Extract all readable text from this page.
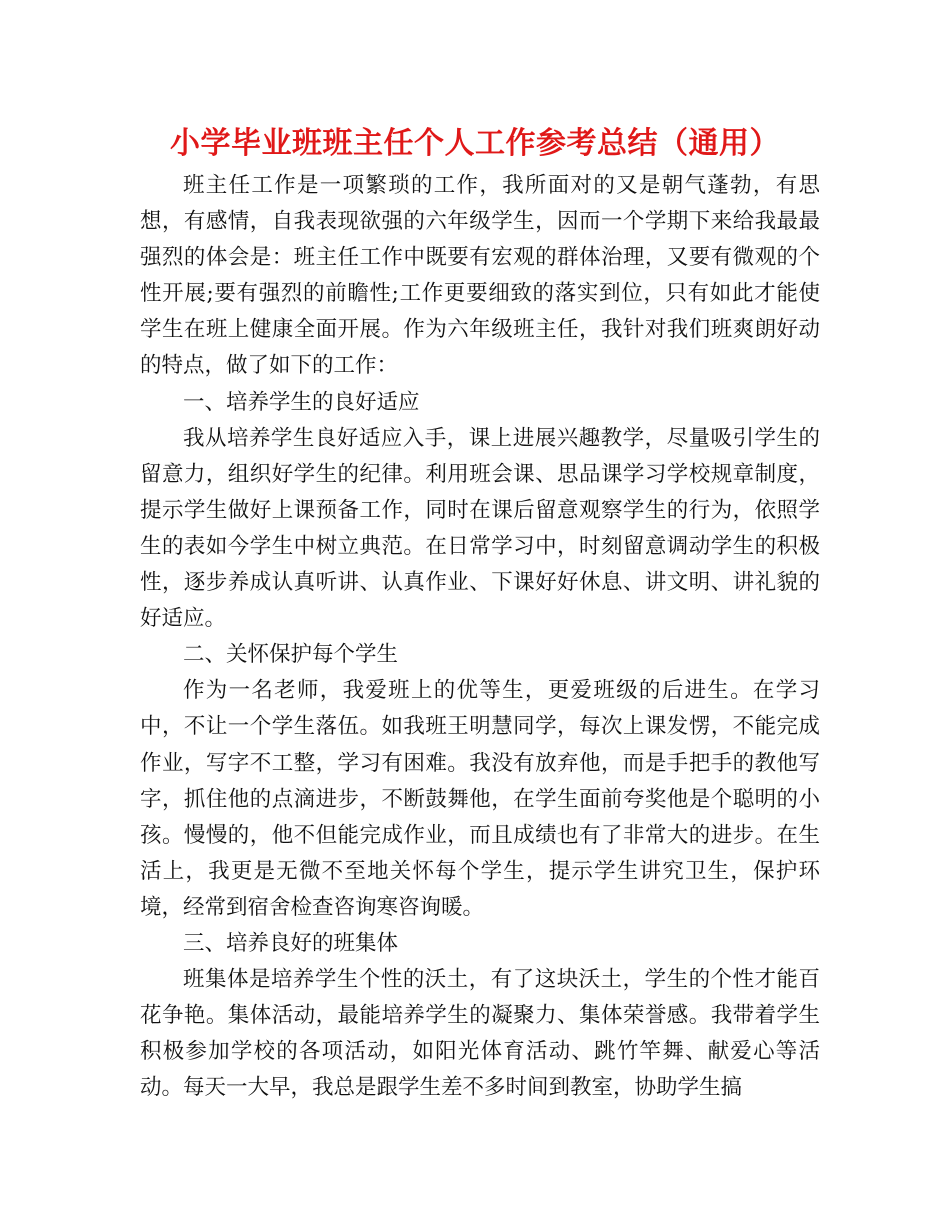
小学毕业班班主任个人工作参考总结（通用）

班主任工作是一项繁琐的工作，我所面对的又是朝气蓬勃，有思想，有感情，自我表现欲强的六年级学生，因而一个学期下来给我最最强烈的体会是：班主任工作中既要有宏观的群体治理，又要有微观的个性开展;要有强烈的前瞻性;工作更要细致的落实到位，只有如此才能使学生在班上健康全面开展。作为六年级班主任，我针对我们班爽朗好动的特点，做了如下的工作：

一、培养学生的良好适应

我从培养学生良好适应入手，课上进展兴趣教学，尽量吸引学生的留意力，组织好学生的纪律。利用班会课、思品课学习学校规章制度，提示学生做好上课预备工作，同时在课后留意观察学生的行为，依照学生的表如今学生中树立典范。在日常学习中，时刻留意调动学生的积极性，逐步养成认真听讲、认真作业、下课好好休息、讲文明、讲礼貌的好适应。

二、关怀保护每个学生

作为一名老师，我爱班上的优等生，更爱班级的后进生。在学习中，不让一个学生落伍。如我班王明慧同学，每次上课发愣，不能完成作业，写字不工整，学习有困难。我没有放弃他，而是手把手的教他写字，抓住他的点滴进步，不断鼓舞他，在学生面前夸奖他是个聪明的小孩。慢慢的，他不但能完成作业，而且成绩也有了非常大的进步。在生活上，我更是无微不至地关怀每个学生，提示学生讲究卫生，保护环境，经常到宿舍检查咨询寒咨询暖。

三、培养良好的班集体

班集体是培养学生个性的沃土，有了这块沃土，学生的个性才能百花争艳。集体活动，最能培养学生的凝聚力、集体荣誉感。我带着学生积极参加学校的各项活动，如阳光体育活动、跳竹竿舞、献爱心等活动。每天一大早，我总是跟学生差不多时间到教室，协助学生搞
